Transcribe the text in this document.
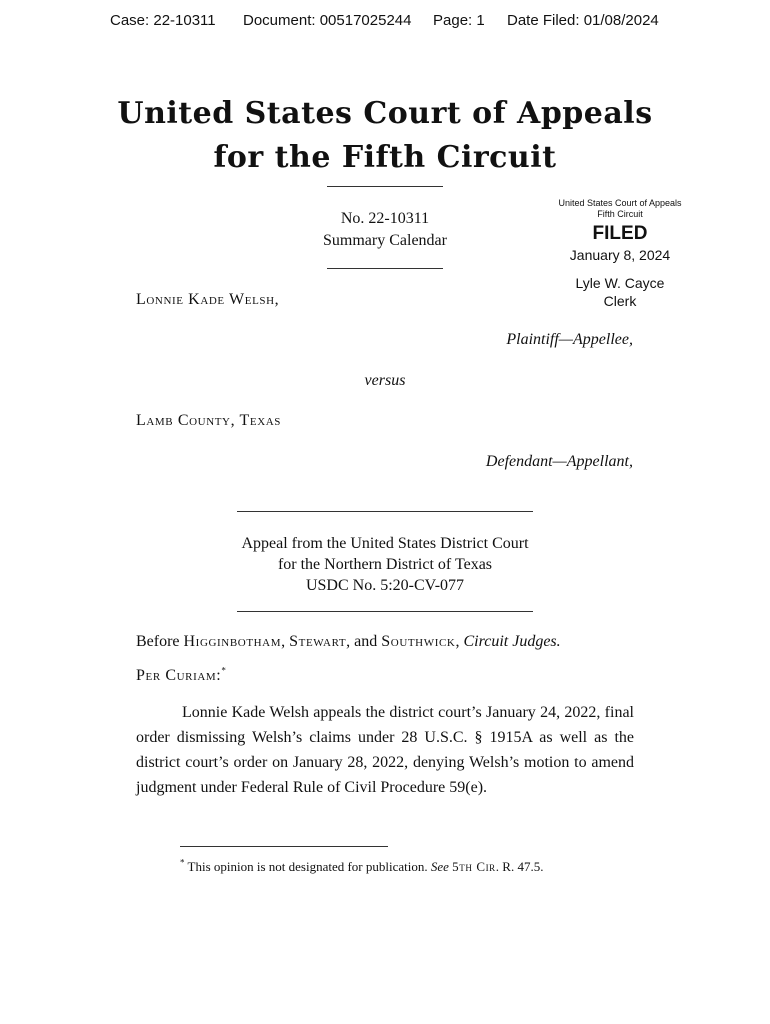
Case: 22-10311 Document: 00517025244 Page: 1 Date Filed: 01/08/2024
United States Court of Appeals
for the Fifth Circuit
No. 22-10311
Summary Calendar
United States Court of Appeals
Fifth Circuit
FILED
January 8, 2024
Lyle W. Cayce
Clerk
Lonnie Kade Welsh,
Plaintiff—Appellee,
versus
Lamb County, Texas
Defendant—Appellant,
Appeal from the United States District Court
for the Northern District of Texas
USDC No. 5:20-CV-077
Before Higginbotham, Stewart, and Southwick, Circuit Judges.
Per Curiam:*

Lonnie Kade Welsh appeals the district court’s January 24, 2022, final order dismissing Welsh’s claims under 28 U.S.C. § 1915A as well as the district court’s order on January 28, 2022, denying Welsh’s motion to amend judgment under Federal Rule of Civil Procedure 59(e).

* This opinion is not designated for publication. See 5th Cir. R. 47.5.
